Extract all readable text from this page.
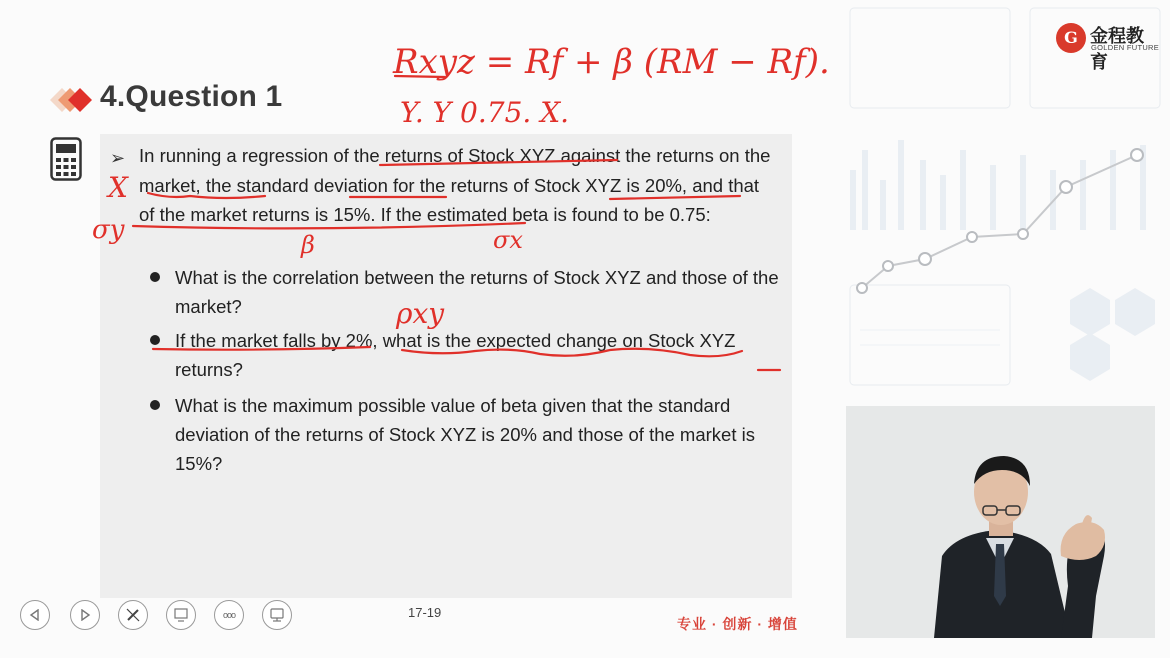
4.Question 1
➢ In running a regression of the returns of Stock XYZ against the returns on the market, the standard deviation for the returns of Stock XYZ is 20%, and that of the market returns is 15%. If the estimated beta is found to be 0.75:
What is the correlation between the returns of Stock XYZ and those of the market?
If the market falls by 2%, what is the expected change on Stock XYZ returns?
What is the maximum possible value of beta given that the standard deviation of the returns of Stock XYZ is 20% and those of the market is 15%?
Rxyz = Rf + β (RM − Rf).
Y. Y 0.75. X.
X
σy	β	σx
ρxy
G 金程教育
GOLDEN FUTURE
ooo	17-19
专业 · 创新 · 增值
